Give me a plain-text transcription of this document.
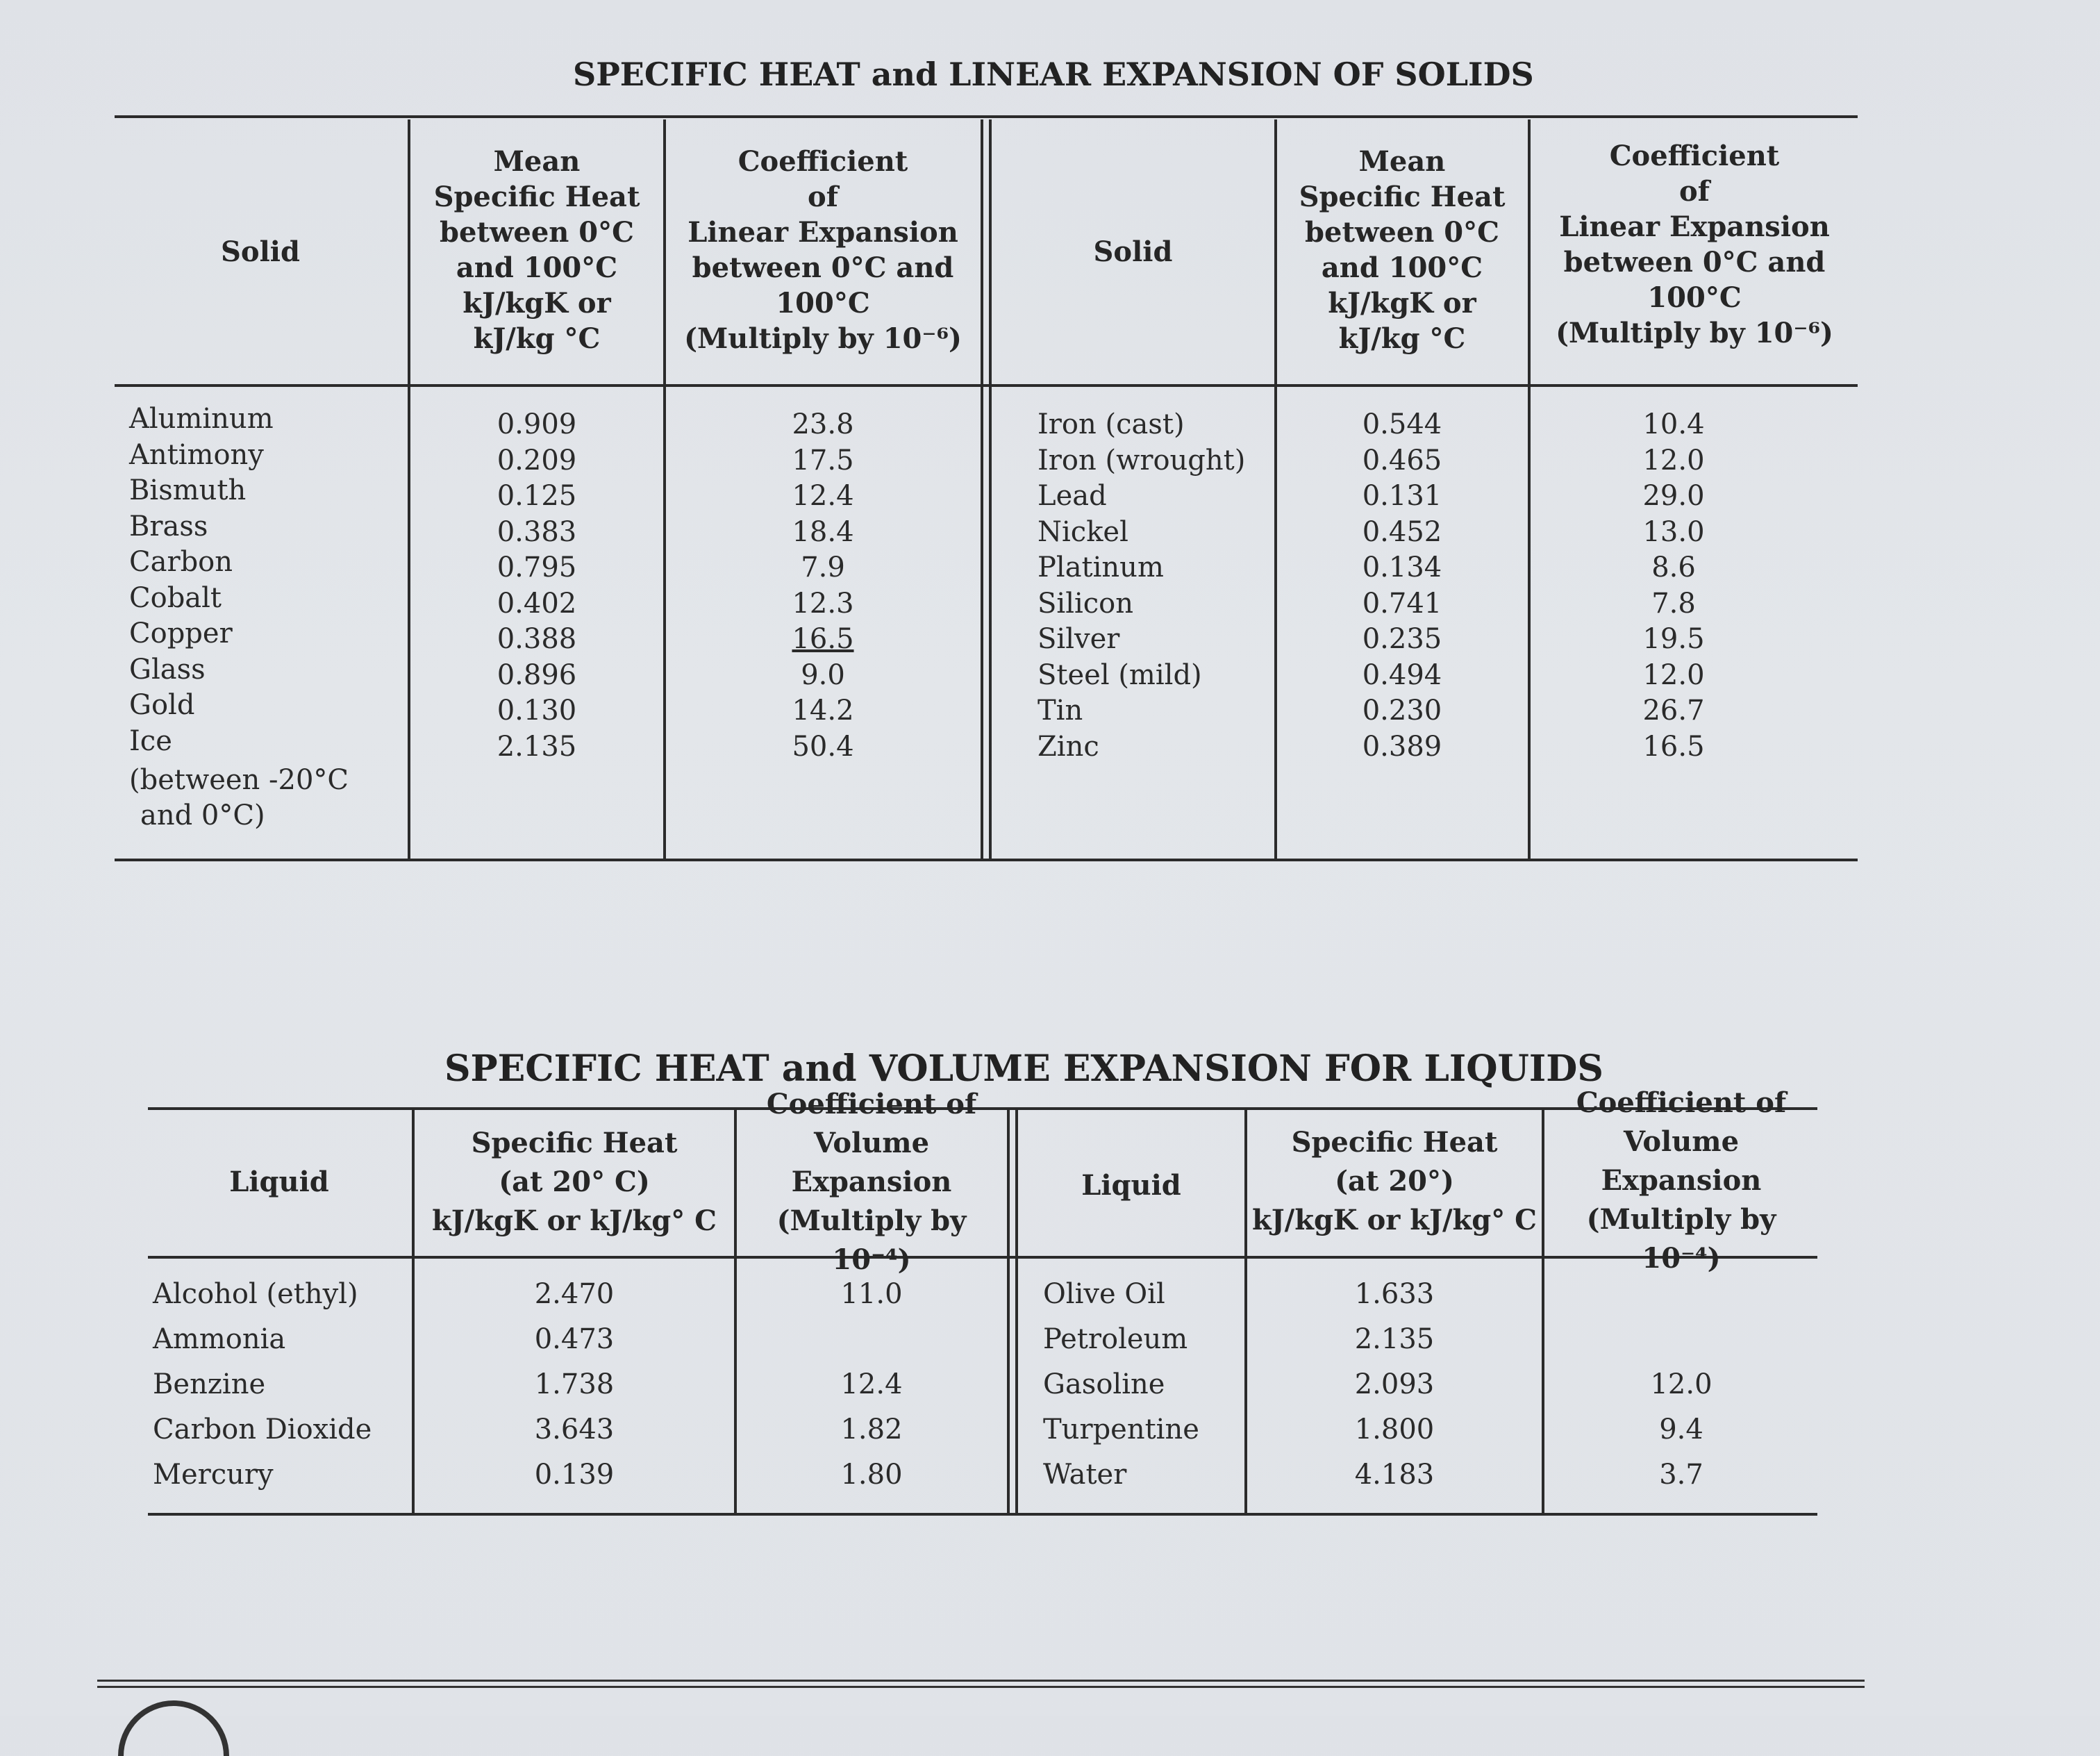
SPECIFIC HEAT and LINEAR EXPANSION OF SOLIDS
Solid
Mean
Specific Heat
between 0°C
and 100°C
kJ/kgK or
kJ/kg °C
Coefficient
of
Linear Expansion
between 0°C and
100°C
(Multiply by 10⁻⁶)
Solid
Mean
Specific Heat
between 0°C
and 100°C
kJ/kgK or
kJ/kg °C
Coefficient
of
Linear Expansion
between 0°C and
100°C
(Multiply by 10⁻⁶)
Aluminum
Antimony
Bismuth
Brass
Carbon
Cobalt
Copper
Glass
Gold
Ice
0.909
0.209
0.125
0.383
0.795
0.402
0.388
0.896
0.130
2.135
23.8
17.5
12.4
18.4
7.9
12.3
16.5
9.0
14.2
50.4
(between -20°C
and 0°C)
Iron (cast)
Iron (wrought)
Lead
Nickel
Platinum
Silicon
Silver
Steel (mild)
Tin
Zinc
0.544
0.465
0.131
0.452
0.134
0.741
0.235
0.494
0.230
0.389
10.4
12.0
29.0
13.0
8.6
7.8
19.5
12.0
26.7
16.5
SPECIFIC HEAT and VOLUME EXPANSION FOR LIQUIDS
Liquid
Specific Heat
(at 20° C)
kJ/kgK or kJ/kg° C
Coefficient of
Volume Expansion
(Multiply by 10⁻⁴)
Liquid
Specific Heat
(at 20°)
kJ/kgK or kJ/kg° C
Coefficient of
Volume Expansion
(Multiply by 10⁻⁴)
Alcohol (ethyl)
Ammonia
Benzine
Carbon Dioxide
Mercury
2.470
0.473
1.738
3.643
0.139
11.0
12.4
1.82
1.80
Olive Oil
Petroleum
Gasoline
Turpentine
Water
1.633
2.135
2.093
1.800
4.183
12.0
9.4
3.7
